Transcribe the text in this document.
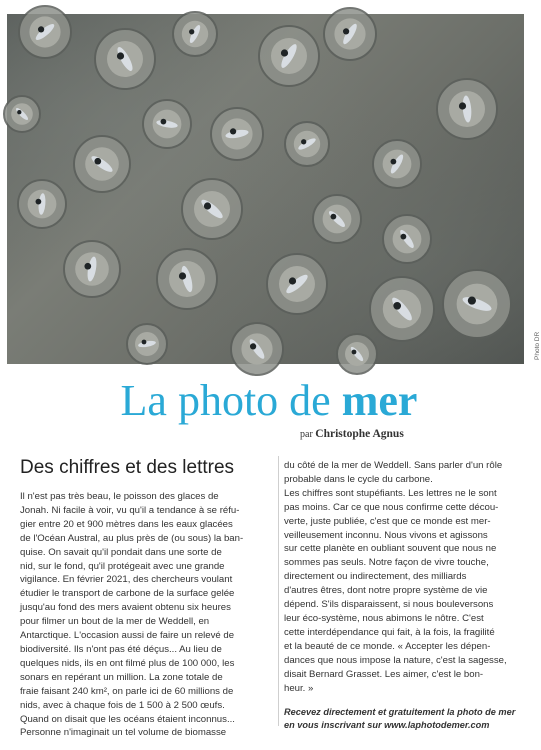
Photo DR
La photo de mer
par Christophe Agnus
Des chiffres et des lettres

Il n'est pas très beau, le poisson des glaces de

Jonah. Ni facile à voir, vu qu'il a tendance à se réfu-

gier entre 20 et 900 mètres dans les eaux glacées

de l'Océan Austral, au plus près de (ou sous) la ban-

quise. On savait qu'il pondait dans une sorte de

nid, sur le fond, qu'il protégeait avec une grande

vigilance. En février 2021, des chercheurs voulant

étudier le transport de carbone de la surface gelée

jusqu'au fond des mers avaient obtenu six heures

pour filmer un bout de la mer de Weddell, en

Antarctique. L'occasion aussi de faire un relevé de

biodiversité. Ils n'ont pas été déçus... Au lieu de

quelques nids, ils en ont filmé plus de 100 000, les

sonars en repérant un million. La zone totale de

fraie faisant 240 km², on parle ici de 60 millions de

nids, avec à chaque fois de 1 500 à 2 500 œufs.

Quand on disait que les océans étaient inconnus...

Personne n'imaginait un tel volume de biomasse

du côté de la mer de Weddell. Sans parler d'un rôle

probable dans le cycle du carbone.

Les chiffres sont stupéfiants. Les lettres ne le sont

pas moins. Car ce que nous confirme cette décou-

verte, juste publiée, c'est que ce monde est mer-

veilleusement inconnu. Nous vivons et agissons

sur cette planète en oubliant souvent que nous ne

sommes pas seuls. Notre façon de vivre touche,

directement ou indirectement, des milliards

d'autres êtres, dont notre propre système de vie

dépend. S'ils disparaissent, si nous bouleversons

leur éco-système, nous abimons le nôtre. C'est

cette interdépendance qui fait, à la fois, la fragilité

et la beauté de ce monde. « Accepter les dépen-

dances que nous impose la nature, c'est la sagesse,

disait Bernard Grasset. Les aimer, c'est le bon-

heur. »

Recevez directement et gratuitement la photo de mer

en vous inscrivant sur www.laphotodemer.com
